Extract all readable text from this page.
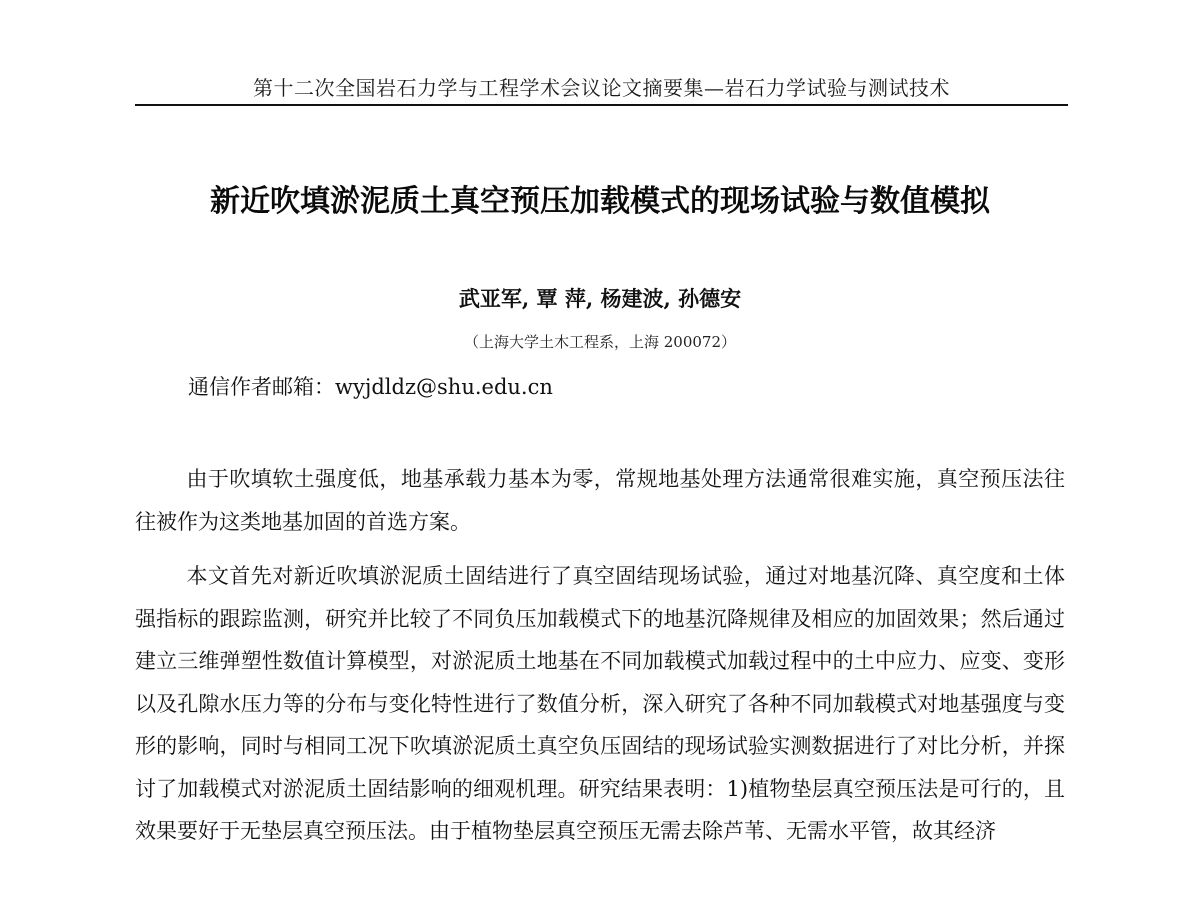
第十二次全国岩石力学与工程学术会议论文摘要集—岩石力学试验与测试技术
新近吹填淤泥质土真空预压加载模式的现场试验与数值模拟
武亚军, 覃 萍, 杨建波, 孙德安
（上海大学土木工程系，上海 200072）
通信作者邮箱：wyjdldz@shu.edu.cn

由于吹填软土强度低，地基承载力基本为零，常规地基处理方法通常很难实施，真空预压法往往被作为这类地基加固的首选方案。

本文首先对新近吹填淤泥质土固结进行了真空固结现场试验，通过对地基沉降、真空度和土体强指标的跟踪监测，研究并比较了不同负压加载模式下的地基沉降规律及相应的加固效果；然后通过建立三维弹塑性数值计算模型，对淤泥质土地基在不同加载模式加载过程中的土中应力、应变、变形以及孔隙水压力等的分布与变化特性进行了数值分析，深入研究了各种不同加载模式对地基强度与变形的影响，同时与相同工况下吹填淤泥质土真空负压固结的现场试验实测数据进行了对比分析，并探讨了加载模式对淤泥质土固结影响的细观机理。研究结果表明：1)植物垫层真空预压法是可行的，且效果要好于无垫层真空预压法。由于植物垫层真空预压无需去除芦苇、无需水平管，故其经济
